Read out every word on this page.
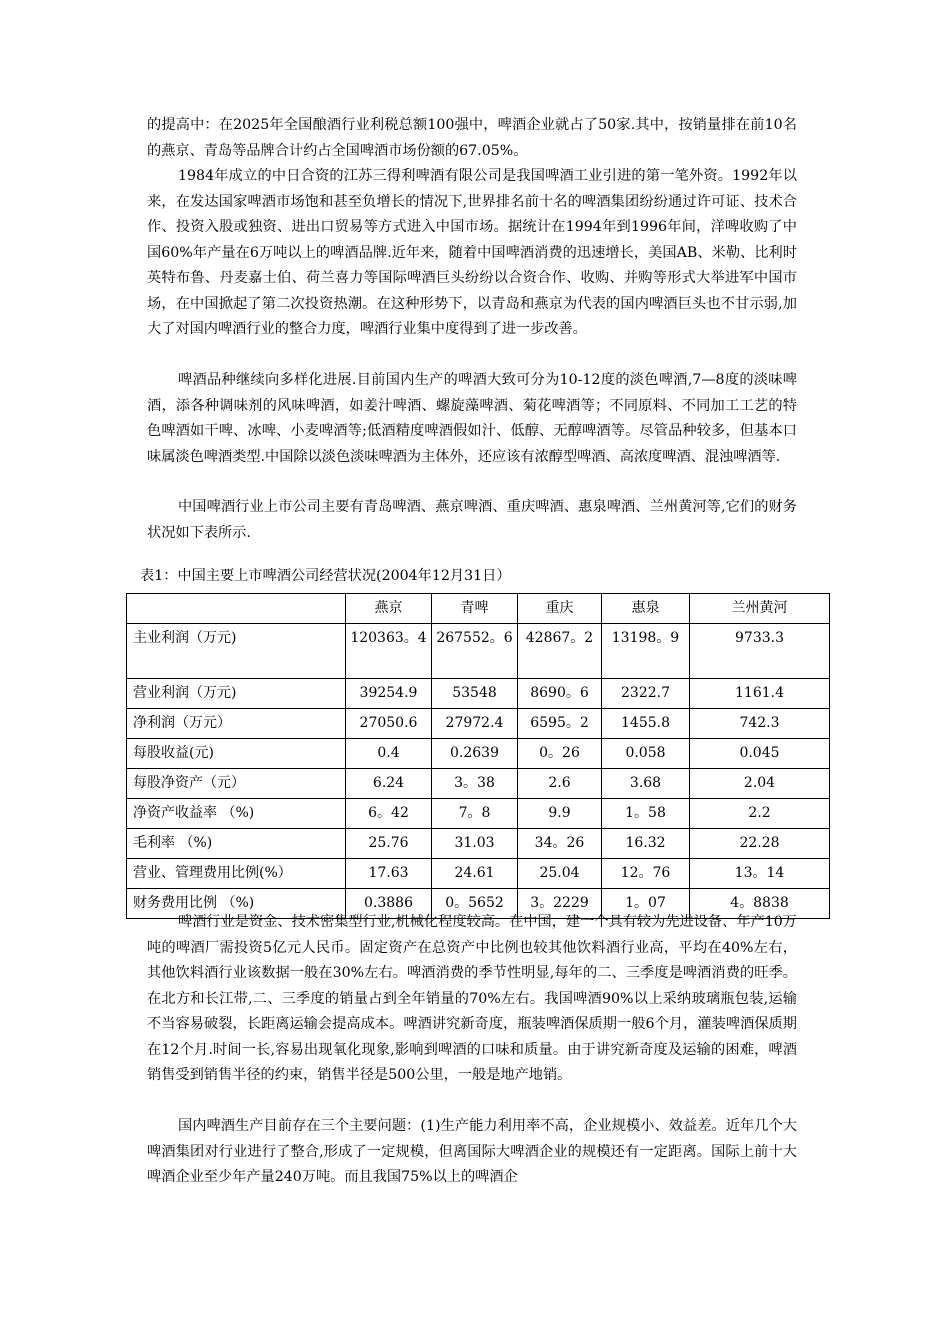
的提高中：在2025年全国酿酒行业利税总额100强中，啤酒企业就占了50家.其中，按销量排在前10名的燕京、青岛等品牌合计约占全国啤酒市场份额的67.05%。

1984年成立的中日合资的江苏三得利啤酒有限公司是我国啤酒工业引进的第一笔外资。1992年以来，在发达国家啤酒市场饱和甚至负增长的情况下,世界排名前十名的啤酒集团纷纷通过许可证、技术合作、投资入股或独资、进出口贸易等方式进入中国市场。据统计在1994年到1996年间，洋啤收购了中国60%年产量在6万吨以上的啤酒品牌.近年来，随着中国啤酒消费的迅速增长，美国AB、米勒、比利时英特布鲁、丹麦嘉士伯、荷兰喜力等国际啤酒巨头纷纷以合资合作、收购、并购等形式大举进军中国市场，在中国掀起了第二次投资热潮。在这种形势下，以青岛和燕京为代表的国内啤酒巨头也不甘示弱,加大了对国内啤酒行业的整合力度，啤酒行业集中度得到了进一步改善。

啤酒品种继续向多样化进展.目前国内生产的啤酒大致可分为10-12度的淡色啤酒,7—8度的淡味啤酒，添各种调味剂的风味啤酒，如姜汁啤酒、螺旋藻啤酒、菊花啤酒等；不同原料、不同加工工艺的特色啤酒如干啤、冰啤、小麦啤酒等;低酒精度啤酒假如汁、低醇、无醇啤酒等。尽管品种较多，但基本口味属淡色啤酒类型.中国除以淡色淡味啤酒为主体外，还应该有浓醇型啤酒、高浓度啤酒、混浊啤酒等.

中国啤酒行业上市公司主要有青岛啤酒、燕京啤酒、重庆啤酒、惠泉啤酒、兰州黄河等,它们的财务状况如下表所示.

表1：中国主要上市啤酒公司经营状况(2004年12月31日）
	燕京	青啤	重庆	惠泉	兰州黄河
主业利润（万元)	120363。4	267552。6	42867。2	13198。9	9733.3
营业利润（万元)	39254.9	53548	8690。6	2322.7	1161.4
净利润（万元）	27050.6	27972.4	6595。2	1455.8	742.3
每股收益(元)	0.4	0.2639	0。26	0.058	0.045
每股净资产（元）	6.24	3。38	2.6	3.68	2.04
净资产收益率 （%)	6。42	7。8	9.9	1。58	2.2
毛利率 （%)	25.76	31.03	34。26	16.32	22.28
营业、管理费用比例(%）	17.63	24.61	25.04	12。76	13。14
财务费用比例 （%)	0.3886	0。5652	3。2229	1。07	4。8838

啤酒行业是资金、技术密集型行业,机械化程度较高。在中国，建一个具有较为先进设备、年产10万吨的啤酒厂需投资5亿元人民币。固定资产在总资产中比例也较其他饮料酒行业高，平均在40%左右，其他饮料酒行业该数据一般在30%左右。啤酒消费的季节性明显,每年的二、三季度是啤酒消费的旺季。在北方和长江带,二、三季度的销量占到全年销量的70%左右。我国啤酒90%以上采纳玻璃瓶包装,运输不当容易破裂，长距离运输会提高成本。啤酒讲究新奇度，瓶装啤酒保质期一般6个月，灌装啤酒保质期在12个月.时间一长,容易出现氧化现象,影响到啤酒的口味和质量。由于讲究新奇度及运输的困难，啤酒销售受到销售半径的约束，销售半径是500公里，一般是地产地销。

国内啤酒生产目前存在三个主要问题：(1)生产能力利用率不高，企业规模小、效益差。近年几个大啤酒集团对行业进行了整合,形成了一定规模，但离国际大啤酒企业的规模还有一定距离。国际上前十大啤酒企业至少年产量240万吨。而且我国75%以上的啤酒企
